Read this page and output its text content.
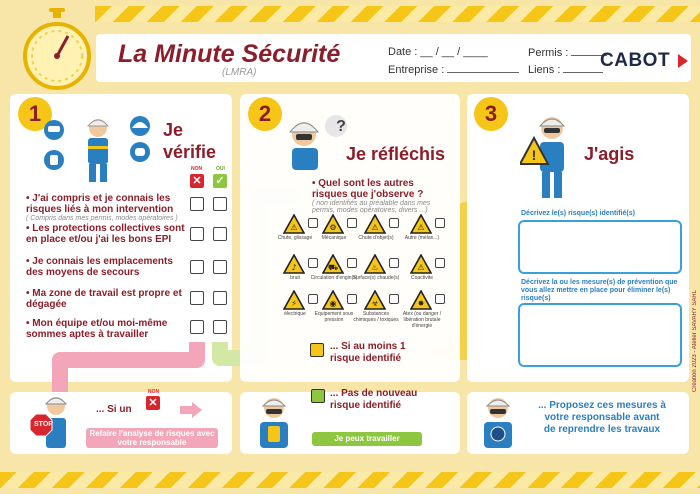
La Minute Sécurité
(LMRA)
Date : __ / __ / ____
Entreprise :
Permis :
Liens :	CABOT
1
Je
vérifie
NON	OUI
✕ ✓
• J'ai compris et je connais les risques liés à mon intervention
( Compris dans mes permis, modes opératoires )
• Les protections collectives sont en place et/ou j'ai les bons EPI
• Je connais les emplacements des moyens de secours
• Ma zone de travail est propre et dégagée
• Mon équipe et/ou moi-même sommes aptes à travailler
2
?
Je réfléchis
• Quel sont les autres risques que j'observe ?
( non identifiés au préalable dans mes permis, modes opératoires, divers ...)
⚠
Chute, glissage
⚙
Mécanique
⚠
Chute d'objet(s)
⚠
Autre (mélan...)
♪
bruit
⛟
Circulation d'engin(s)
♨
Surface(s) chaude(s)
⚠
Coactivite
⚡
électrique
◉
Equipement sous pression
☣
Substances chimiques / toxiques
✸
Atex (ou danger / libération brutale d'énergie
... Si au moins 1
risque identifié
3
!	J'agis
Décrivez le(s) risque(s) identifié(s)
Décrivez la ou les mesure(s) de prévention que vous allez mettre en place pour éliminer le(s) risque(s)	Création 2023 - Atelier SAVARY SARL
STOP
... Si un
NON
✕
Refaire l'analyse de risques avec votre responsable
... Pas de nouveau
risque identifié
Je peux travailler
... Proposez ces mesures à
votre responsable avant
de reprendre les travaux
